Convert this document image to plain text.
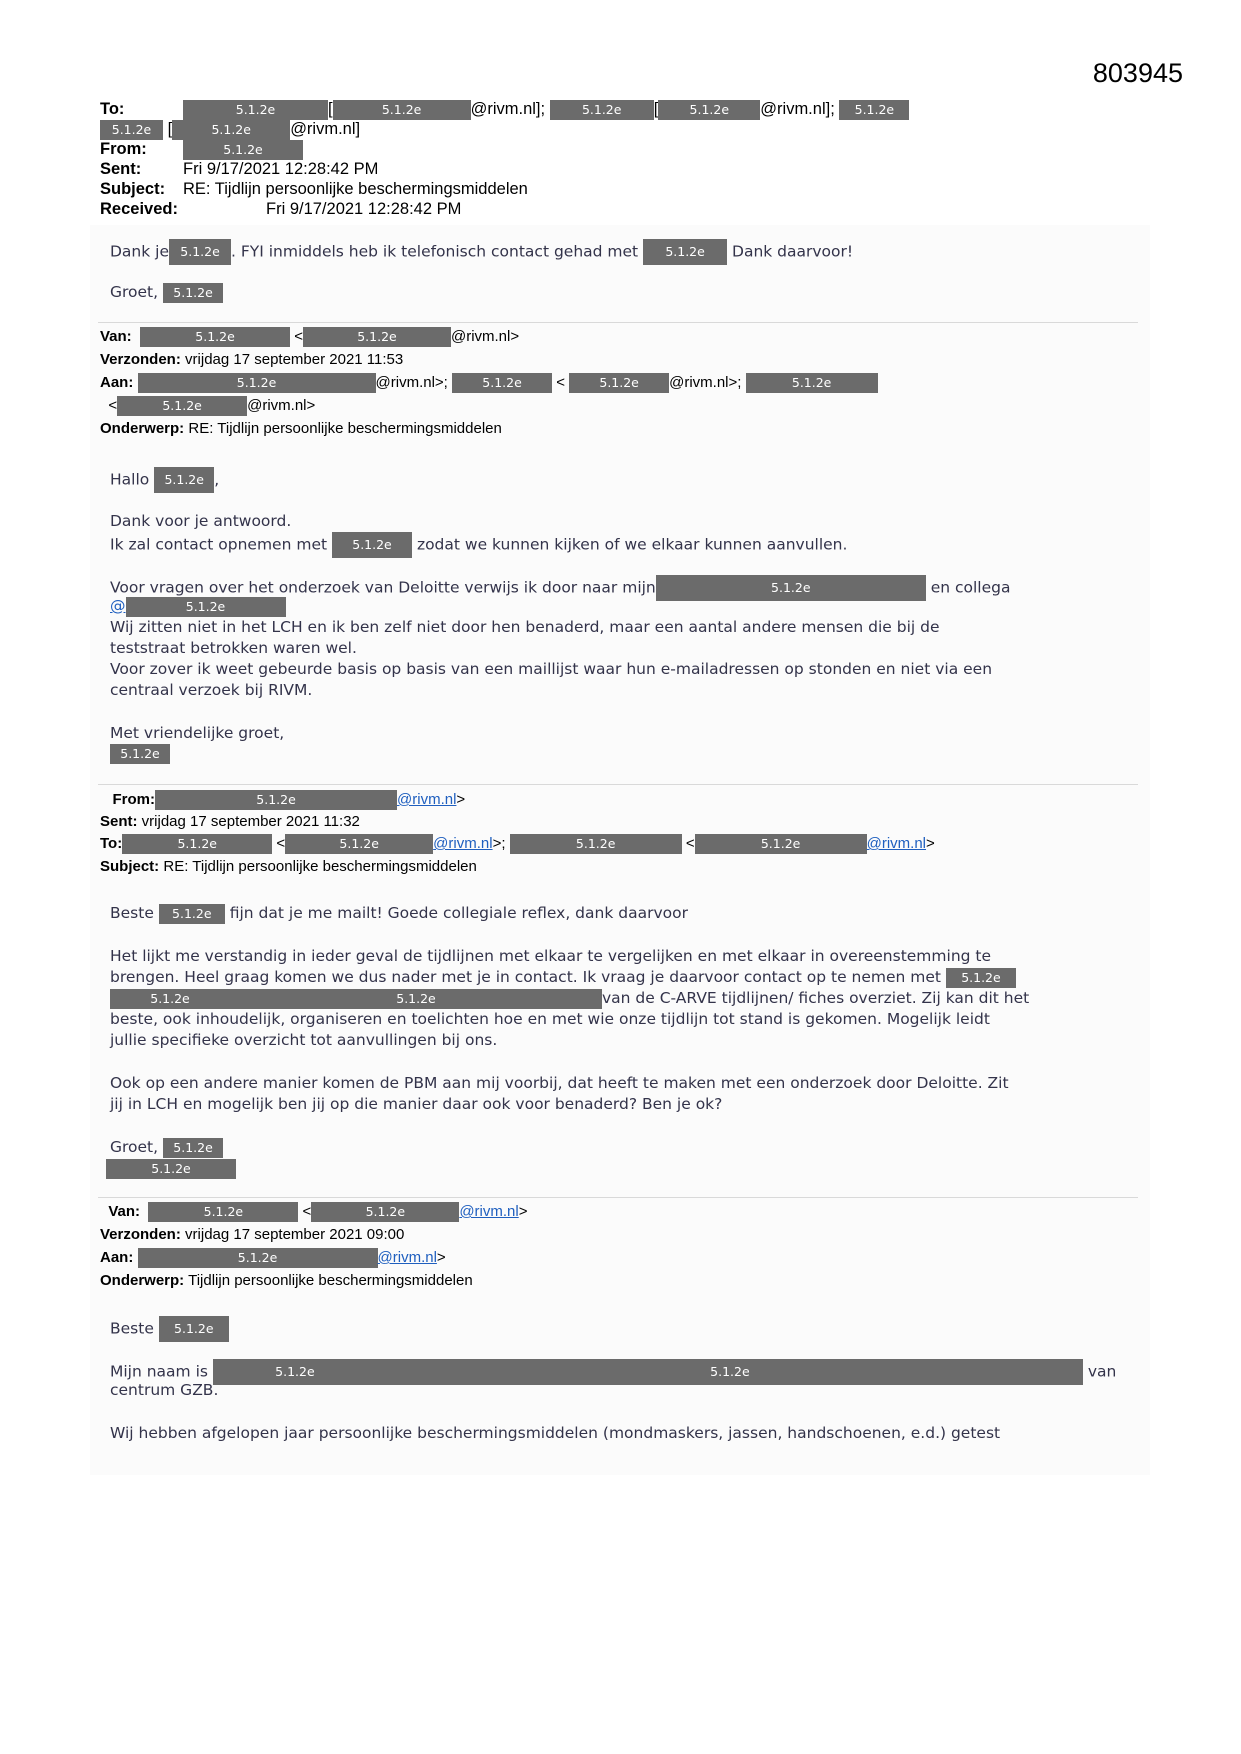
803945
To:	5.1.2e	[	5.1.2e	@rivm.nl];	5.1.2e [	5.1.2e @rivm.nl]; 5.1.2e
5.1.2e [	5.1.2e @rivm.nl]
From:	5.1.2e
Sent:	Fri 9/17/2021 12:28:42 PM
Subject: RE: Tijdlijn persoonlijke beschermingsmiddelen
Received:	Fri 9/17/2021 12:28:42 PM
Dank je 5.1.2e . FYI inmiddels heb ik telefonisch contact gehad met 5.1.2e Dank daarvoor!
Groet, 5.1.2e
Van:	5.1.2e	<	5.1.2e	@rivm.nl>
Verzonden: vrijdag 17 september 2021 11:53
Aan:	5.1.2e	@rivm.nl>;	5.1.2e <	5.1.2e @rivm.nl>;	5.1.2e
<	5.1.2e	@rivm.nl>
Onderwerp: RE: Tijdlijn persoonlijke beschermingsmiddelen
Hallo 5.1.2e ,
Dank voor je antwoord.
Ik zal contact opnemen met 5.1.2e zodat we kunnen kijken of we elkaar kunnen aanvullen.
Voor vragen over het onderzoek van Deloitte verwijs ik door naar mijn	5.1.2e	en collega
@	5.1.2e
Wij zitten niet in het LCH en ik ben zelf niet door hen benaderd, maar een aantal andere mensen die bij de
teststraat betrokken waren wel.
Voor zover ik weet gebeurde basis op basis van een maillijst waar hun e-mailadressen op stonden en niet via een
centraal verzoek bij RIVM.
Met vriendelijke groet,
5.1.2e
From:	5.1.2e	@rivm.nl>
Sent: vrijdag 17 september 2021 11:32
To:	5.1.2e	<	5.1.2e	@rivm.nl>;	5.1.2e	<	5.1.2e	@rivm.nl>
Subject: RE: Tijdlijn persoonlijke beschermingsmiddelen
Beste 5.1.2e fijn dat je me mailt! Goede collegiale reflex, dank daarvoor
Het lijkt me verstandig in ieder geval de tijdlijnen met elkaar te vergelijken en met elkaar in overeenstemming te
brengen. Heel graag komen we dus nader met je in contact. Ik vraag je daarvoor contact op te nemen met 5.1.2e
5.1.2e	5.1.2e	van de C-ARVE tijdlijnen/ fiches overziet. Zij kan dit het
beste, ook inhoudelijk, organiseren en toelichten hoe en met wie onze tijdlijn tot stand is gekomen. Mogelijk leidt
jullie specifieke overzicht tot aanvullingen bij ons.
Ook op een andere manier komen de PBM aan mij voorbij, dat heeft te maken met een onderzoek door Deloitte. Zit
jij in LCH en mogelijk ben jij op die manier daar ook voor benaderd? Ben je ok?
Groet, 5.1.2e
5.1.2e
Van:	5.1.2e	<	5.1.2e	@rivm.nl>
Verzonden: vrijdag 17 september 2021 09:00
Aan:	5.1.2e	@rivm.nl>
Onderwerp: Tijdlijn persoonlijke beschermingsmiddelen
Beste 5.1.2e
Mijn naam is	5.1.2e	5.1.2e	van
centrum GZB.
Wij hebben afgelopen jaar persoonlijke beschermingsmiddelen (mondmaskers, jassen, handschoenen, e.d.) getest
